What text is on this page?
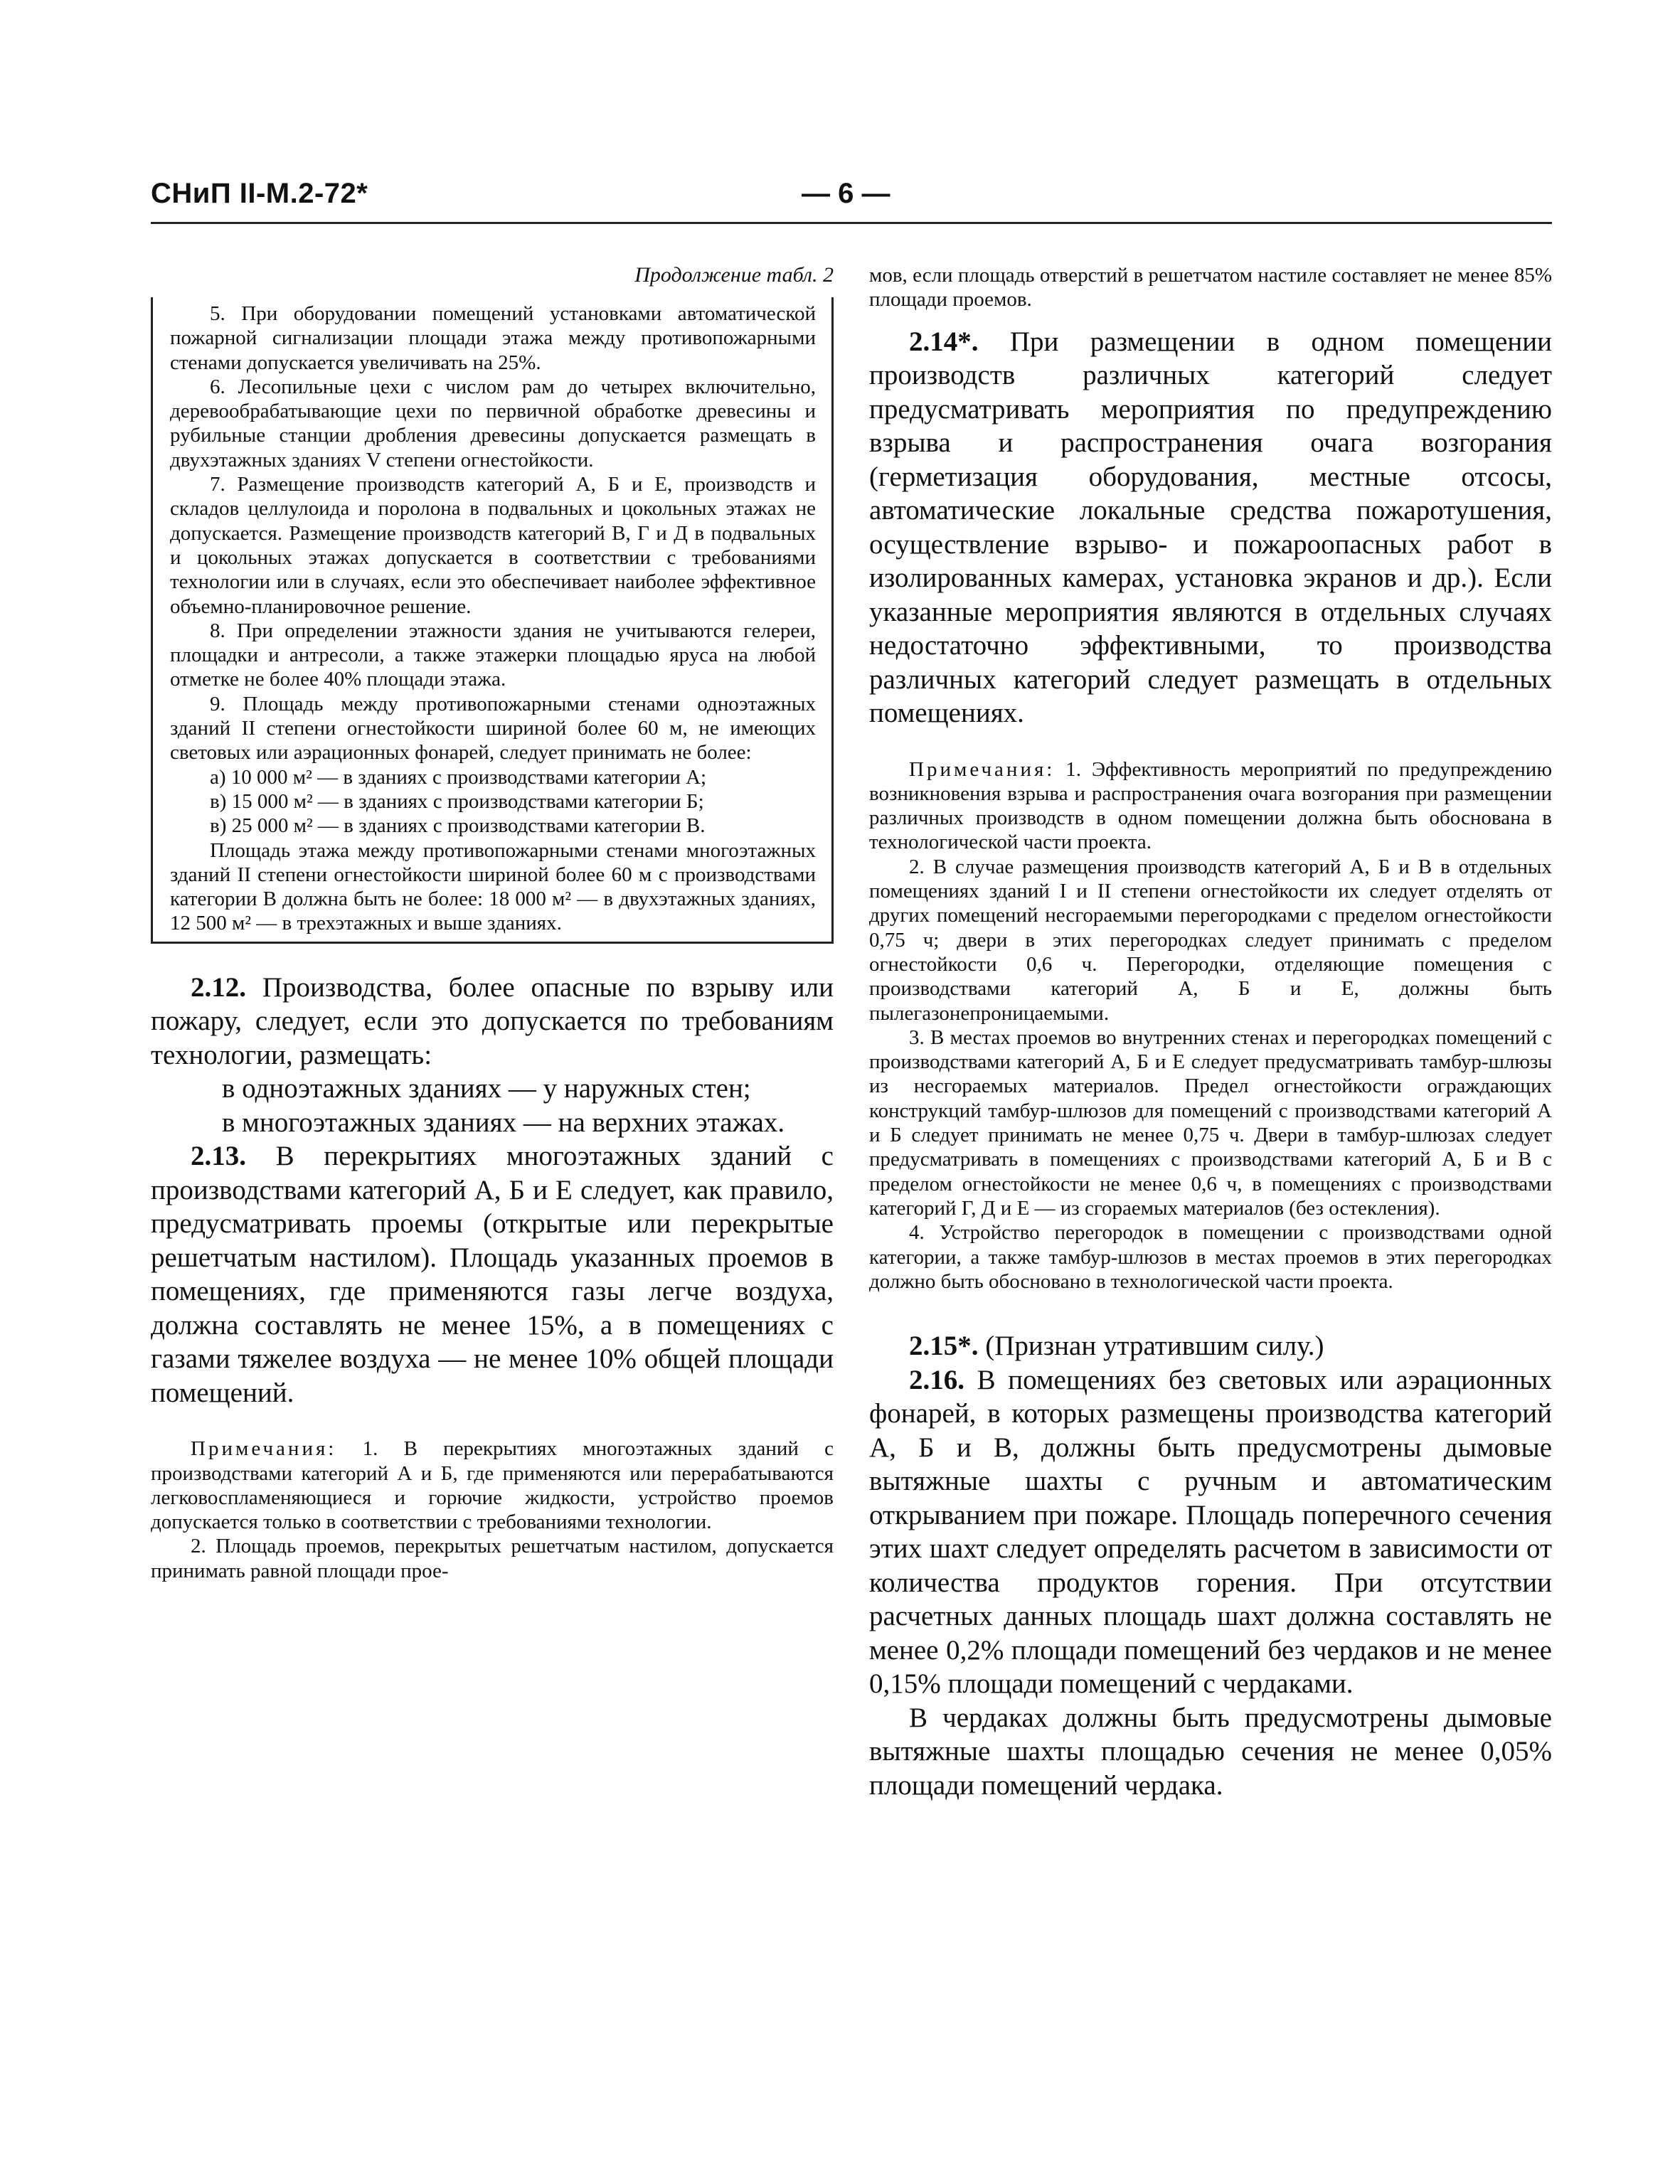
СНиП II-М.2-72*	— 6 —
Продолжение табл. 2

5. При оборудовании помещений установками автоматической пожарной сигнализации площади этажа между противопожарными стенами допускается увеличивать на 25%.

6. Лесопильные цехи с числом рам до четырех включительно, деревообрабатывающие цехи по первичной обработке древесины и рубильные станции дробления древесины допускается размещать в двухэтажных зданиях V степени огнестойкости.

7. Размещение производств категорий А, Б и Е, производств и складов целлулоида и поролона в подвальных и цокольных этажах не допускается. Размещение производств категорий В, Г и Д в подвальных и цокольных этажах допускается в соответствии с требованиями технологии или в случаях, если это обеспечивает наиболее эффективное объемно-планировочное решение.

8. При определении этажности здания не учитываются гелереи, площадки и антресоли, а также этажерки площадью яруса на любой отметке не более 40% площади этажа.

9. Площадь между противопожарными стенами одноэтажных зданий II степени огнестойкости шириной более 60 м, не имеющих световых или аэрационных фонарей, следует принимать не более:

а) 10 000 м² — в зданиях с производствами категории А;

в) 15 000 м² — в зданиях с производствами категории Б;

в) 25 000 м² — в зданиях с производствами категории В.

Площадь этажа между противопожарными стенами многоэтажных зданий II степени огнестойкости шириной более 60 м с производствами категории В должна быть не более: 18 000 м² — в двухэтажных зданиях, 12 500 м² — в трехэтажных и выше зданиях.

2.12. Производства, более опасные по взрыву или пожару, следует, если это допускается по требованиям технологии, размещать:

в одноэтажных зданиях — у наружных стен;

в многоэтажных зданиях — на верхних этажах.

2.13. В перекрытиях многоэтажных зданий с производствами категорий А, Б и Е следует, как правило, предусматривать проемы (открытые или перекрытые решетчатым настилом). Площадь указанных проемов в помещениях, где применяются газы легче воздуха, должна составлять не менее 15%, а в помещениях с газами тяжелее воздуха — не менее 10% общей площади помещений.

Примечания: 1. В перекрытиях многоэтажных зданий с производствами категорий А и Б, где применяются или перерабатываются легковоспламеняющиеся и горючие жидкости, устройство проемов допускается только в соответствии с требованиями технологии.

2. Площадь проемов, перекрытых решетчатым настилом, допускается принимать равной площади прое-

мов, если площадь отверстий в решетчатом настиле составляет не менее 85% площади проемов.

2.14*. При размещении в одном помещении производств различных категорий следует предусматривать мероприятия по предупреждению взрыва и распространения очага возгорания (герметизация оборудования, местные отсосы, автоматические локальные средства пожаротушения, осуществление взрыво- и пожароопасных работ в изолированных камерах, установка экранов и др.). Если указанные мероприятия являются в отдельных случаях недостаточно эффективными, то производства различных категорий следует размещать в отдельных помещениях.

Примечания: 1. Эффективность мероприятий по предупреждению возникновения взрыва и распространения очага возгорания при размещении различных производств в одном помещении должна быть обоснована в технологической части проекта.

2. В случае размещения производств категорий А, Б и В в отдельных помещениях зданий I и II степени огнестойкости их следует отделять от других помещений несгораемыми перегородками с пределом огнестойкости 0,75 ч; двери в этих перегородках следует принимать с пределом огнестойкости 0,6 ч. Перегородки, отделяющие помещения с производствами категорий А, Б и Е, должны быть пылегазонепроницаемыми.

3. В местах проемов во внутренних стенах и перегородках помещений с производствами категорий А, Б и Е следует предусматривать тамбур-шлюзы из несгораемых материалов. Предел огнестойкости ограждающих конструкций тамбур-шлюзов для помещений с производствами категорий А и Б следует принимать не менее 0,75 ч. Двери в тамбур-шлюзах следует предусматривать в помещениях с производствами категорий А, Б и В с пределом огнестойкости не менее 0,6 ч, в помещениях с производствами категорий Г, Д и Е — из сгораемых материалов (без остекления).

4. Устройство перегородок в помещении с производствами одной категории, а также тамбур-шлюзов в местах проемов в этих перегородках должно быть обосновано в технологической части проекта.

2.15*. (Признан утратившим силу.)

2.16. В помещениях без световых или аэрационных фонарей, в которых размещены производства категорий А, Б и В, должны быть предусмотрены дымовые вытяжные шахты с ручным и автоматическим открыванием при пожаре. Площадь поперечного сечения этих шахт следует определять расчетом в зависимости от количества продуктов горения. При отсутствии расчетных данных площадь шахт должна составлять не менее 0,2% площади помещений без чердаков и не менее 0,15% площади помещений с чердаками.

В чердаках должны быть предусмотрены дымовые вытяжные шахты площадью сечения не менее 0,05% площади помещений чердака.
